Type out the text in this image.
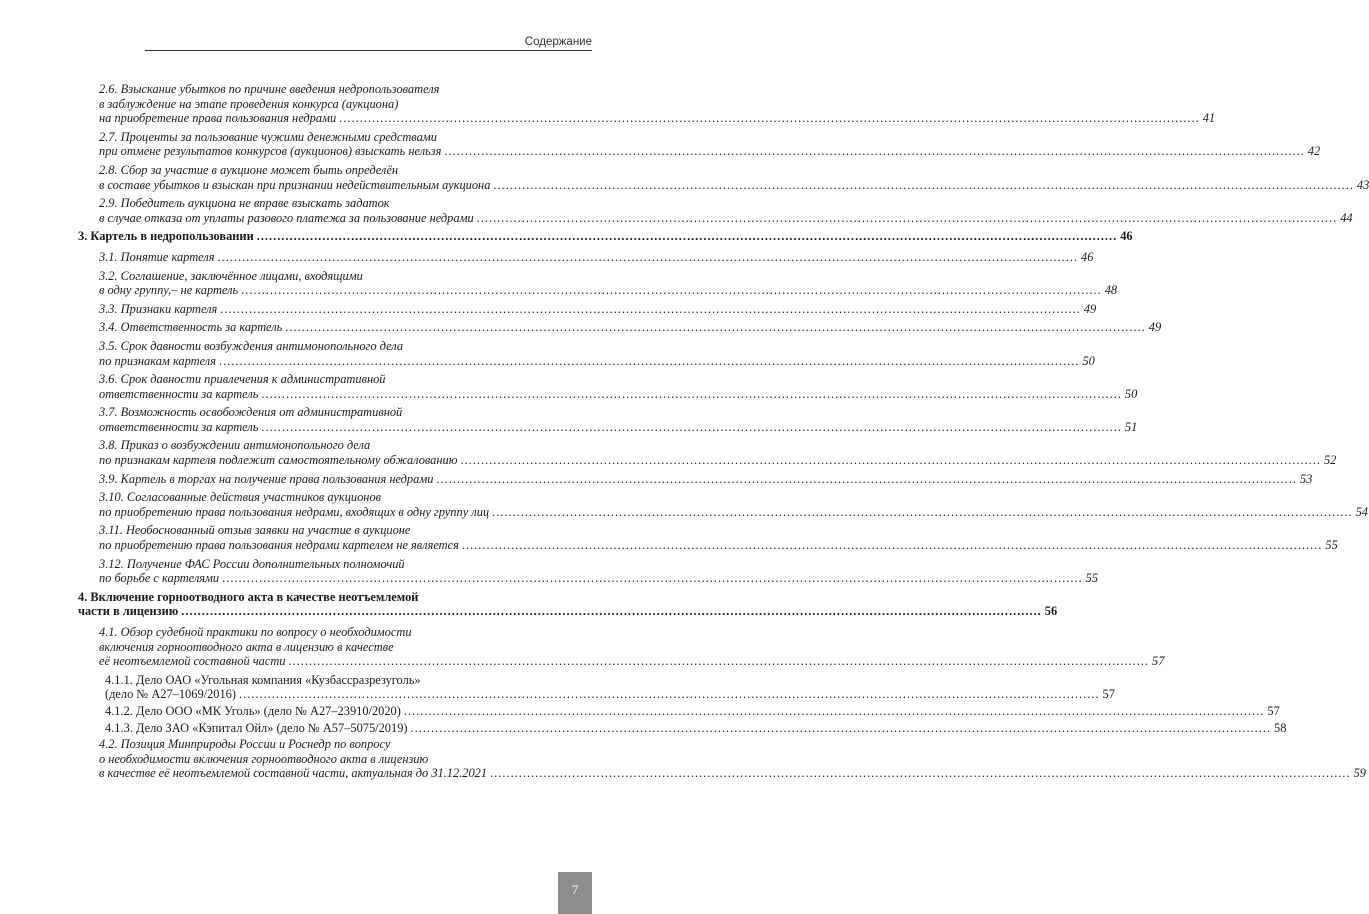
Содержание
2.6. Взыскание убытков по причине введения недропользователя
в заблуждение на этапе проведения конкурса (аукциона)
на приобретение права пользования недрами .....	41
2.7. Проценты за пользование чужими денежными средствами
при отмене результатов конкурсов (аукционов) взыскать нельзя .....	42
2.8. Сбор за участие в аукционе может быть определён
в составе убытков и взыскан при признании недействительным аукциона .....	43
2.9. Победитель аукциона не вправе взыскать задаток
в случае отказа от уплаты разового платежа за пользование недрами .....	44
3. Картель в недропользовании .....	46
3.1. Понятие картеля .....	46
3.2. Соглашение, заключённое лицами, входящими
в одну группу,– не картель .....	48
3.3. Признаки картеля .....	49
3.4. Ответственность за картель .....	49
3.5. Срок давности возбуждения антимонопольного дела
по признакам картеля .....	50
3.6. Срок давности привлечения к административной
ответственности за картель .....	50
3.7. Возможность освобождения от административной
ответственности за картель .....	51
3.8. Приказ о возбуждении антимонопольного дела
по признакам картеля подлежит самостоятельному обжалованию .....	52
3.9. Картель в торгах на получение права пользования недрами .....	53
3.10. Согласованные действия участников аукционов
по приобретению права пользования недрами, входящих в одну группу лиц .....	54
3.11. Необоснованный отзыв заявки на участие в аукционе
по приобретению права пользования недрами картелем не является .....	55
3.12. Получение ФАС России дополнительных полномочий
по борьбе с картелями .....	55
4. Включение горноотводного акта в качестве неотъемлемой
части в лицензию .....	56
4.1. Обзор судебной практики по вопросу о необходимости
включения горноотводного акта в лицензию в качестве
её неотъемлемой составной части .....	57
4.1.1. Дело ОАО «Угольная компания «Кузбассразрезуголь»
(дело № А27–1069/2016) .....	57
4.1.2. Дело ООО «МК Уголь» (дело № А27–23910/2020) .....	57
4.1.3. Дело ЗАО «Кэпитал Ойл» (дело № А57–5075/2019) .....	58
4.2. Позиция Минприроды России и Роснедр по вопросу
о необходимости включения горноотводного акта в лицензию
в качестве её неотъемлемой составной части, актуальная до 31.12.2021 .....	59
7
